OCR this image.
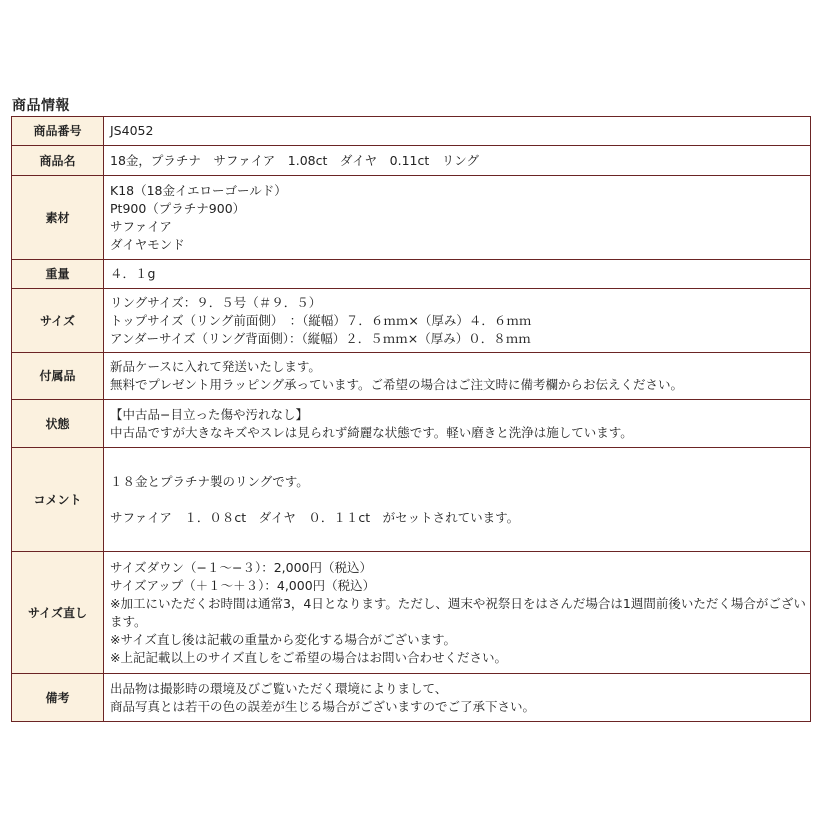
商品情報
商品番号	JS4052
商品名	18金，プラチナ　サファイア　1.08ct　ダイヤ　0.11ct　リング
素材	K18（18金イエローゴールド）
Pt900（プラチナ900）
サファイア
ダイヤモンド

重量	４．１g
サイズ	リングサイズ：９．５号（＃９．５）
トップサイズ（リング前面側）　：（縦幅）７．６ｍｍ×（厚み）４．６ｍｍ
アンダーサイズ（リング背面側）：（縦幅）２．５ｍｍ×（厚み）０．８ｍｍ

付属品	新品ケースに入れて発送いたします。
無料でプレゼント用ラッピング承っています。ご希望の場合はご注文時に備考欄からお伝えください。

状態	【中古品−目立った傷や汚れなし】
中古品ですが大きなキズやスレは見られず綺麗な状態です。軽い磨きと洗浄は施しています。

コメント	１８金とプラチナ製のリングです。
サファイア　１．０８ct　ダイヤ　０．１１ct　がセットされています。

サイズ直し	サイズダウン（−１〜−３）：2,000円（税込）
サイズアップ（＋１〜＋３）：4,000円（税込）
※加工にいただくお時間は通常3，4日となります。ただし、週末や祝祭日をはさんだ場合は1週間前後いただく場合がございます。
※サイズ直し後は記載の重量から変化する場合がございます。
※上記記載以上のサイズ直しをご希望の場合はお問い合わせください。

備考	出品物は撮影時の環境及びご覧いただく環境によりまして、
商品写真とは若干の色の誤差が生じる場合がございますのでご了承下さい。
